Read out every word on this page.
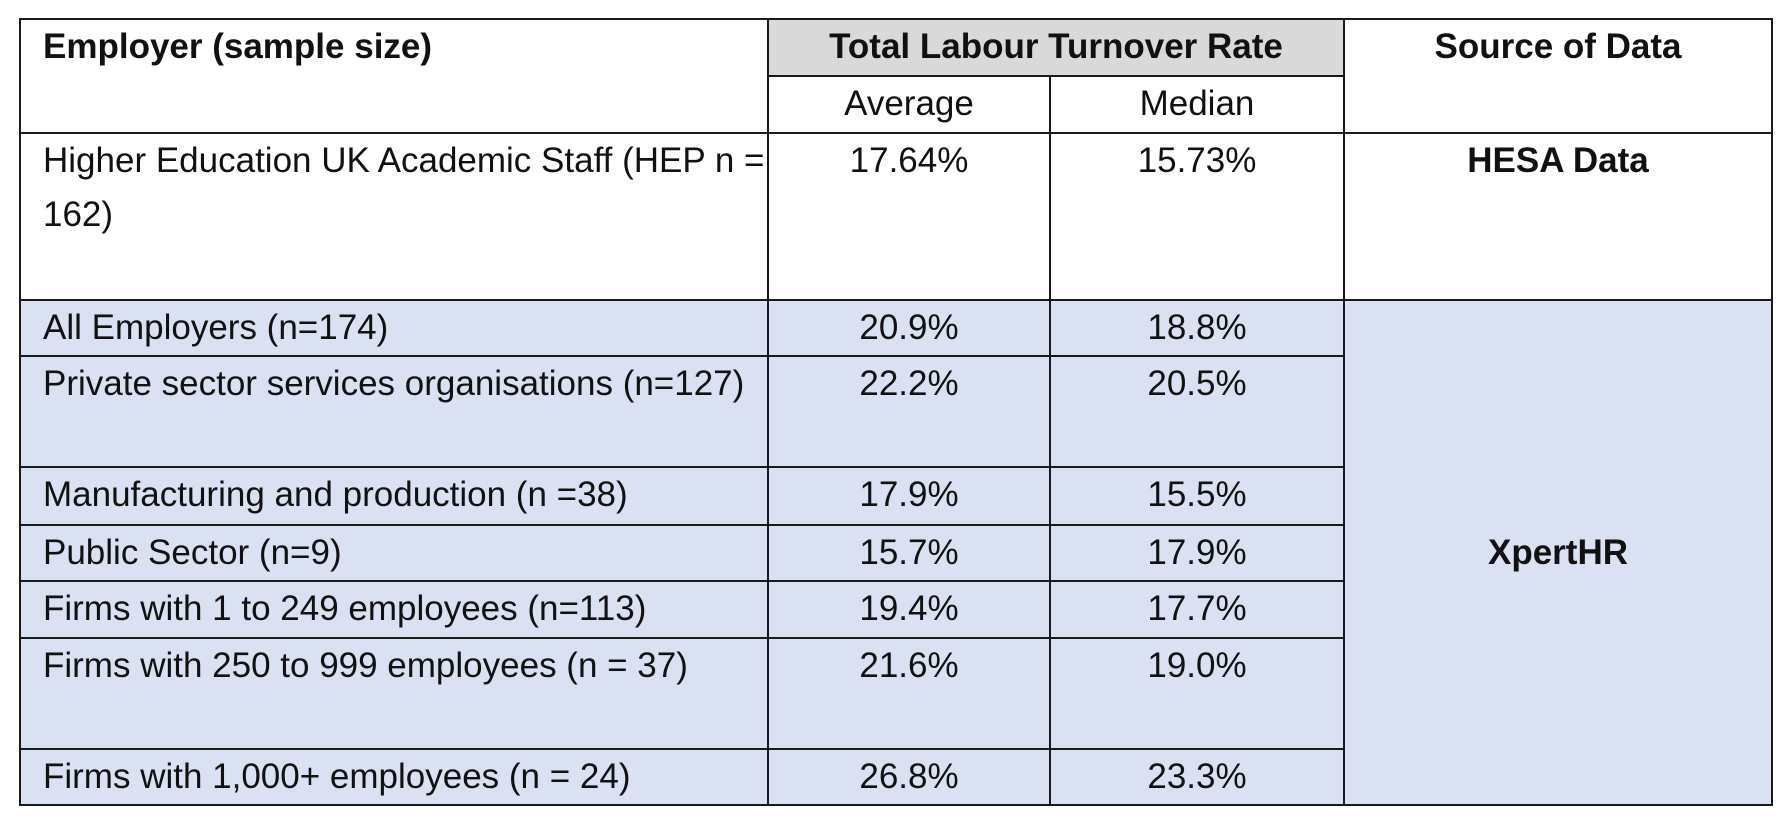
Employer (sample size)	Total Labour Turnover Rate		Source of Data
	Average	Median	
Higher Education UK Academic Staff (HEP n = 162)	17.64%	15.73%	HESA Data
All Employers (n=174)	20.9%	18.8%	XpertHR
Private sector services organisations (n=127)	22.2%	20.5%	
Manufacturing and production (n =38)	17.9%	15.5%	
Public Sector (n=9)	15.7%	17.9%	
Firms with 1 to 249 employees (n=113)	19.4%	17.7%	
Firms with 250 to 999 employees (n = 37)	21.6%	19.0%	
Firms with 1,000+ employees (n = 24)	26.8%	23.3%	
